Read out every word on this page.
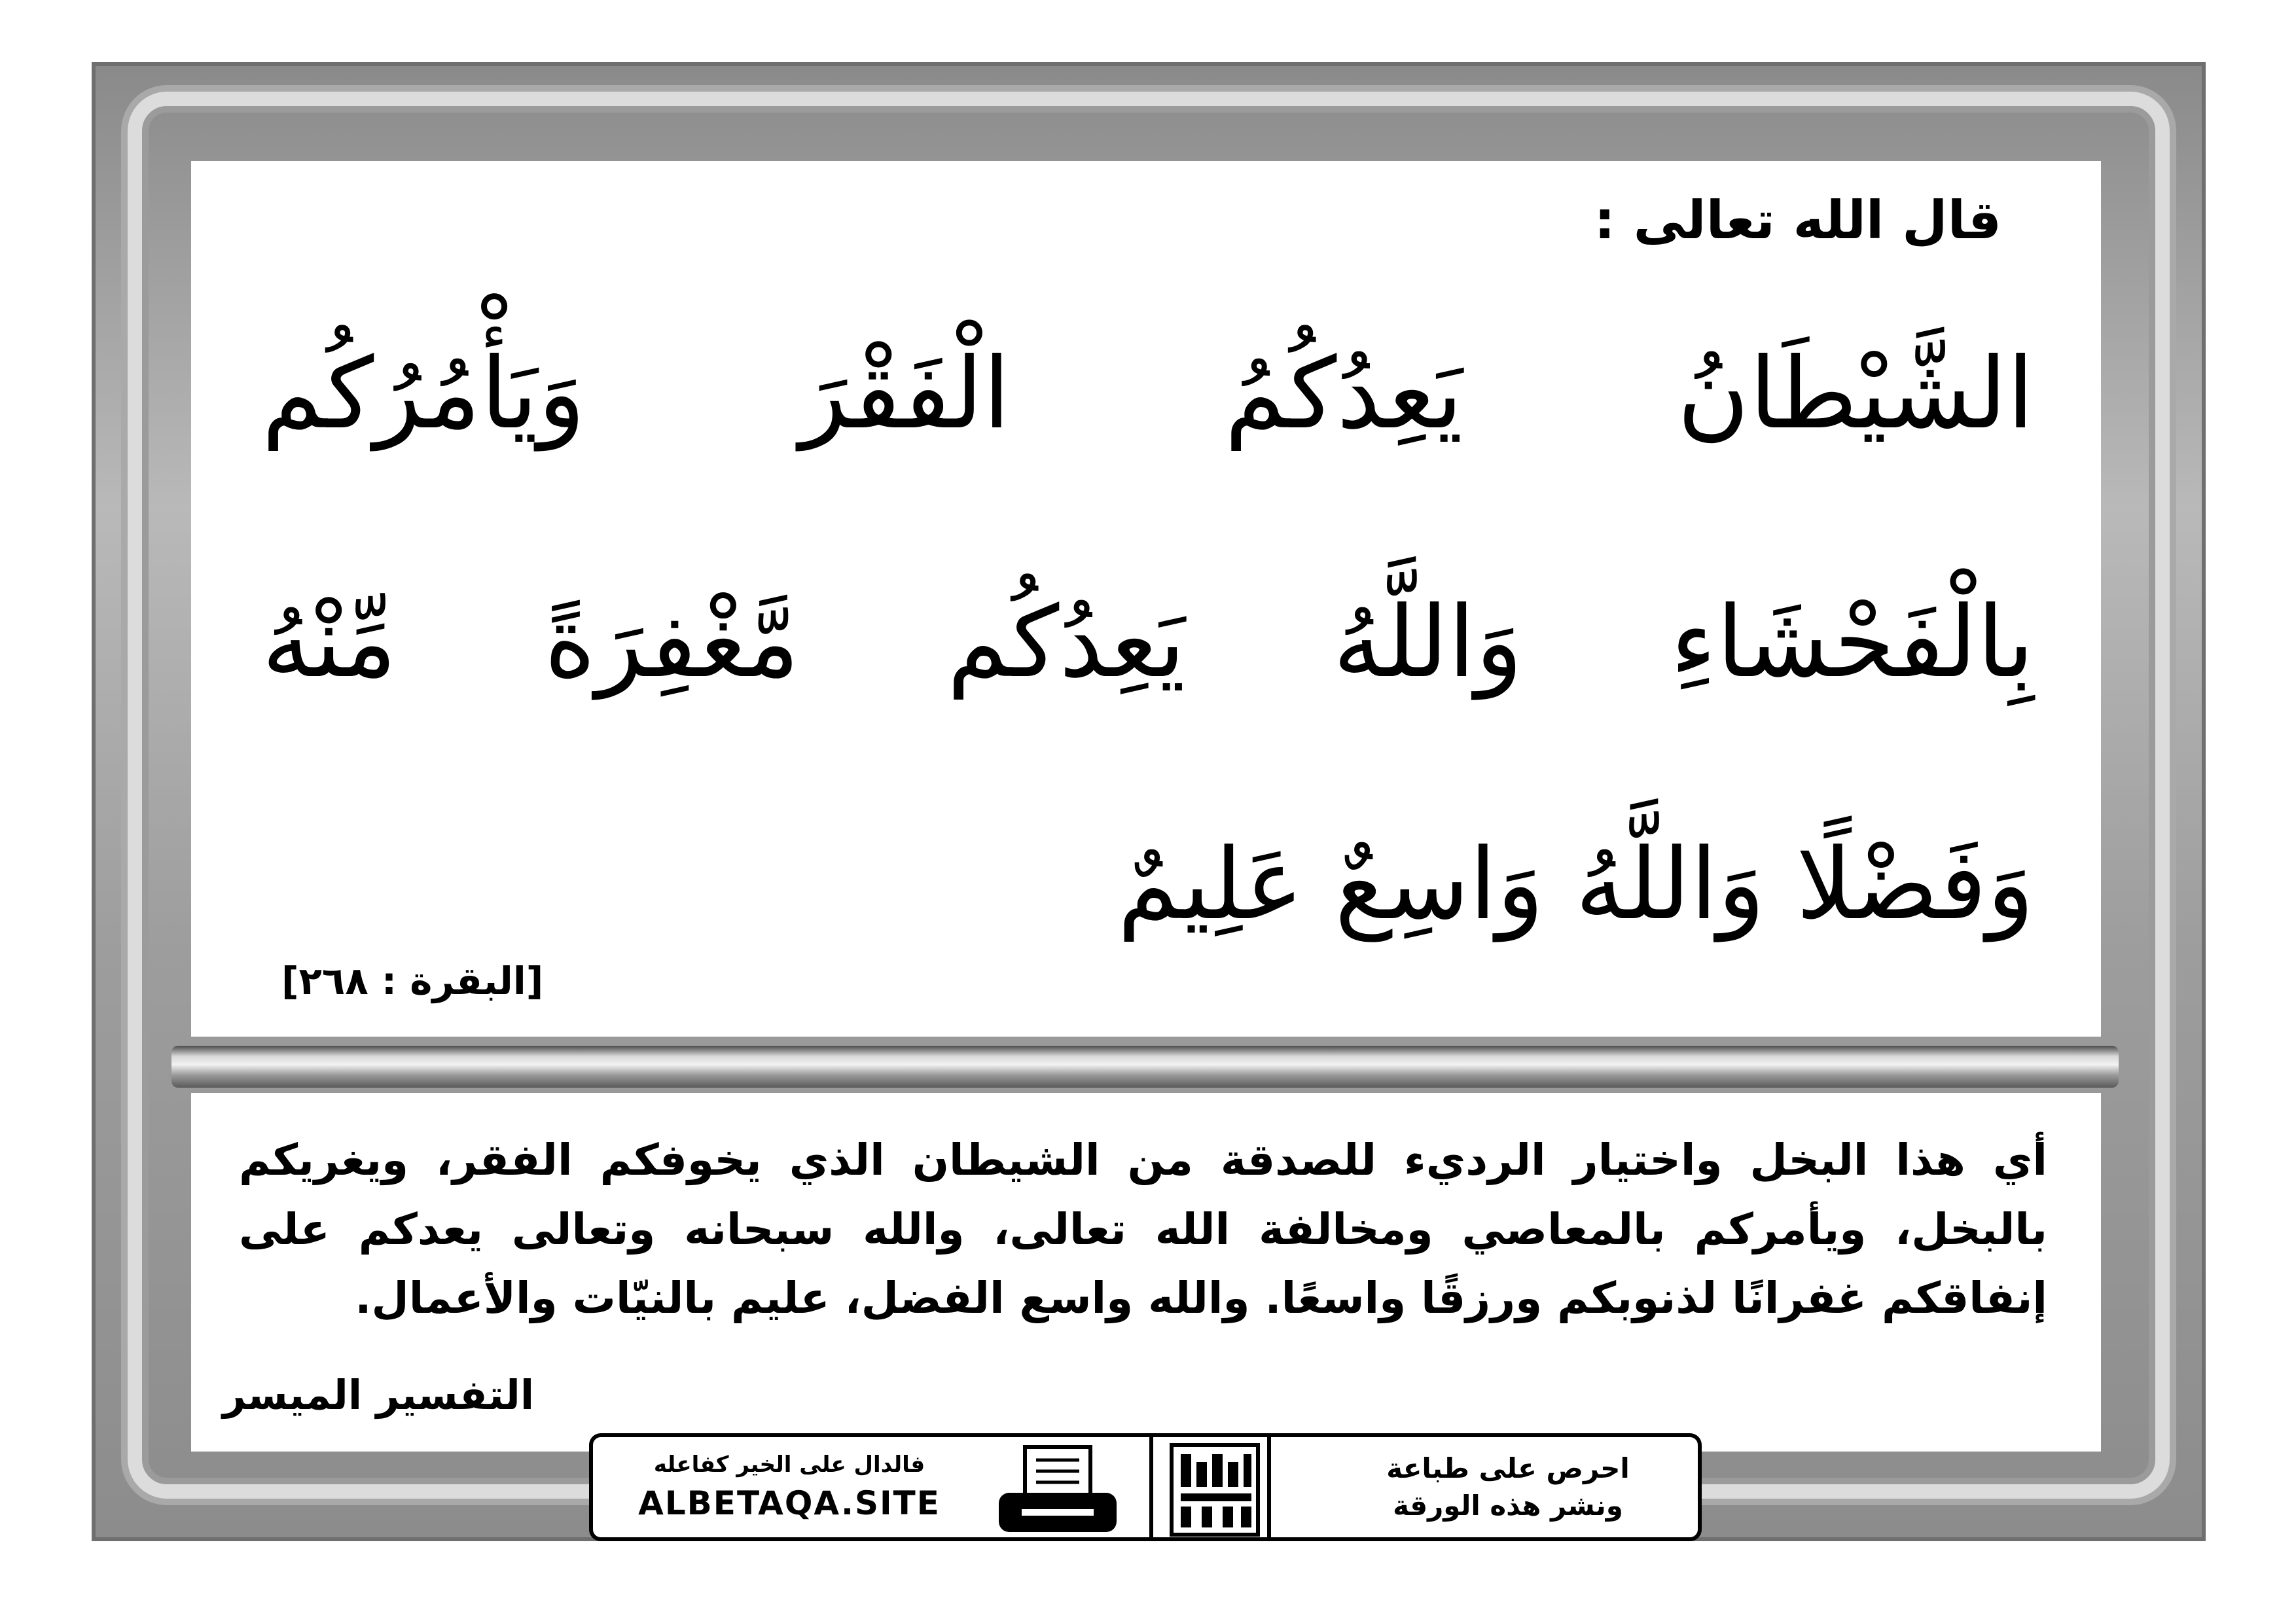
قال الله تعالى :
الشَّيْطَانُ يَعِدُكُمُ الْفَقْرَ وَيَأْمُرُكُم
بِالْفَحْشَاءِ وَاللَّهُ يَعِدُكُم مَّغْفِرَةً مِّنْهُ
وَفَضْلًا وَاللَّهُ وَاسِعٌ عَلِيمٌ
[البقرة : ٢٦٨]
أي هذا البخل واختيار الرديء للصدقة من الشيطان الذي يخوفكم الفقر، ويغريكم بالبخل، ويأمركم بالمعاصي ومخالفة الله تعالى، والله سبحانه وتعالى يعدكم على إنفاقكم غفرانًا لذنوبكم ورزقًا واسعًا. والله واسع الفضل، عليم بالنيّات والأعمال.
التفسير الميسر
فالدال على الخير كفاعله
ALBETAQA.SITE
احرص على طباعة
ونشر هذه الورقة
